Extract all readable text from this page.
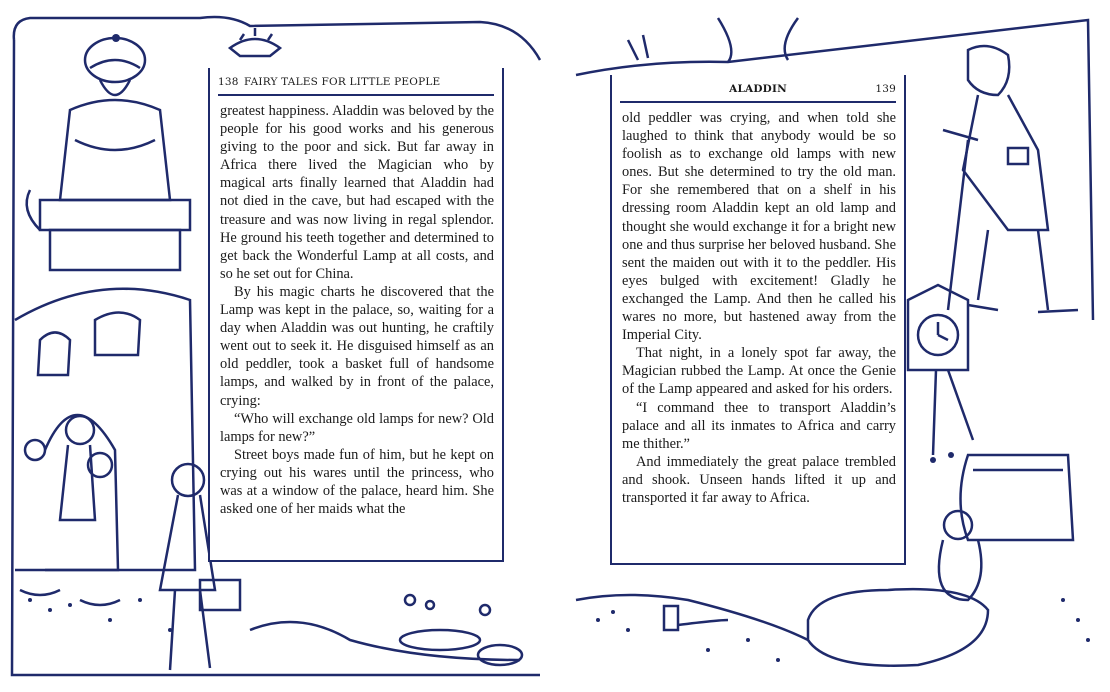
138 FAIRY TALES FOR LITTLE PEOPLE

greatest happiness. Aladdin was beloved by the people for his good works and his generous giving to the poor and sick. But far away in Africa there lived the Magician who by magical arts finally learned that Aladdin had not died in the cave, but had escaped with the treasure and was now living in regal splendor. He ground his teeth together and determined to get back the Wonderful Lamp at all costs, and so he set out for China.

By his magic charts he discovered that the Lamp was kept in the palace, so, waiting for a day when Aladdin was out hunting, he craftily went out to seek it. He disguised himself as an old peddler, took a basket full of handsome lamps, and walked by in front of the palace, crying:

“Who will exchange old lamps for new? Old lamps for new?”

Street boys made fun of him, but he kept on crying out his wares until the princess, who was at a window of the palace, heard him. She asked one of her maids what the

ALADDIN	139

old peddler was crying, and when told she laughed to think that anybody would be so foolish as to exchange old lamps with new ones. But she determined to try the old man. For she remembered that on a shelf in his dressing room Aladdin kept an old lamp and thought she would exchange it for a bright new one and thus surprise her beloved husband. She sent the maiden out with it to the peddler. His eyes bulged with excitement! Gladly he exchanged the Lamp. And then he called his wares no more, but hastened away from the Imperial City.

That night, in a lonely spot far away, the Magician rubbed the Lamp. At once the Genie of the Lamp appeared and asked for his orders.

“I command thee to transport Aladdin’s palace and all its inmates to Africa and carry me thither.”

And immediately the great palace trembled and shook. Unseen hands lifted it up and transported it far away to Africa.
